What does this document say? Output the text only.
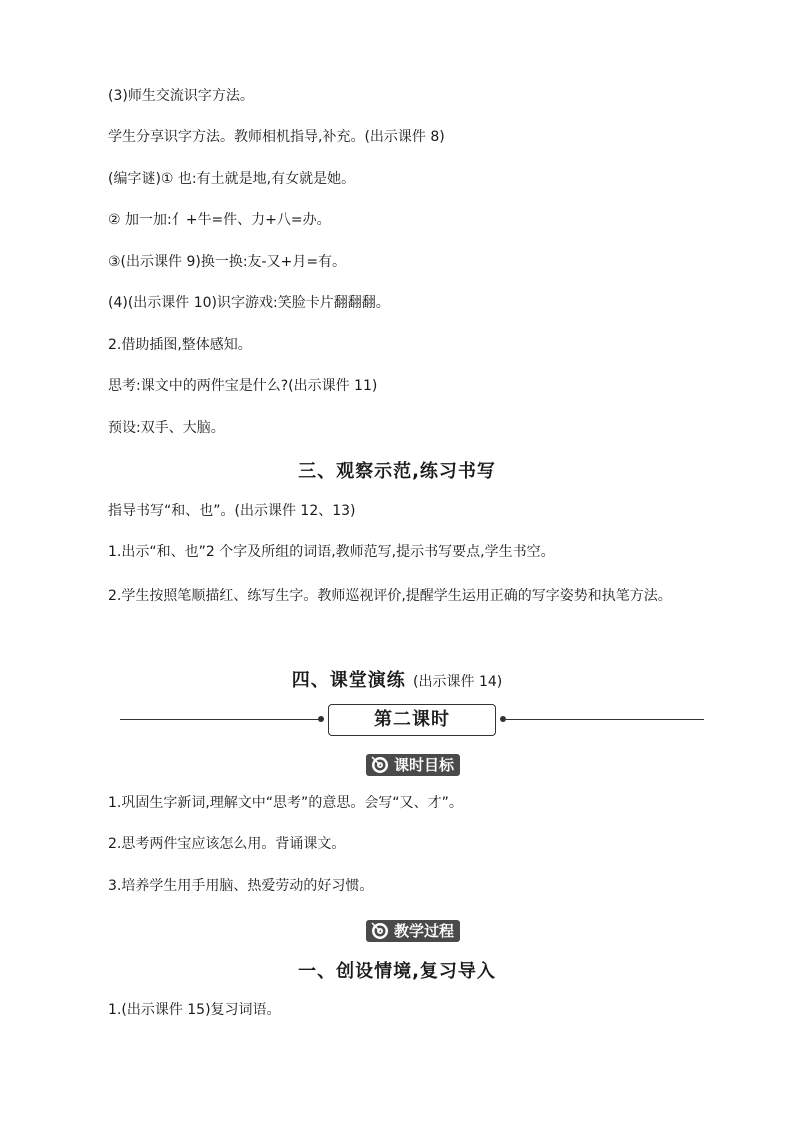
(3)师生交流识字方法。
学生分享识字方法。教师相机指导,补充。(出示课件 8)
(编字谜)① 也:有土就是地,有女就是她。
② 加一加:亻+牛=件、力+八=办。
③(出示课件 9)换一换:友-又+月=有。
(4)(出示课件 10)识字游戏:笑脸卡片翻翻翻。
2.借助插图,整体感知。
思考:课文中的两件宝是什么?(出示课件 11)
预设:双手、大脑。
三、观察示范,练习书写
指导书写“和、也”。(出示课件 12、13)
1.出示“和、也”2 个字及所组的词语,教师范写,提示书写要点,学生书空。
2.学生按照笔顺描红、练写生字。教师巡视评价,提醒学生运用正确的写字姿势和执笔方法。
四、课堂演练 (出示课件 14)
第二课时
课时目标
1.巩固生字新词,理解文中“思考”的意思。会写“又、才”。
2.思考两件宝应该怎么用。背诵课文。
3.培养学生用手用脑、热爱劳动的好习惯。
教学过程
一、创设情境,复习导入
1.(出示课件 15)复习词语。
